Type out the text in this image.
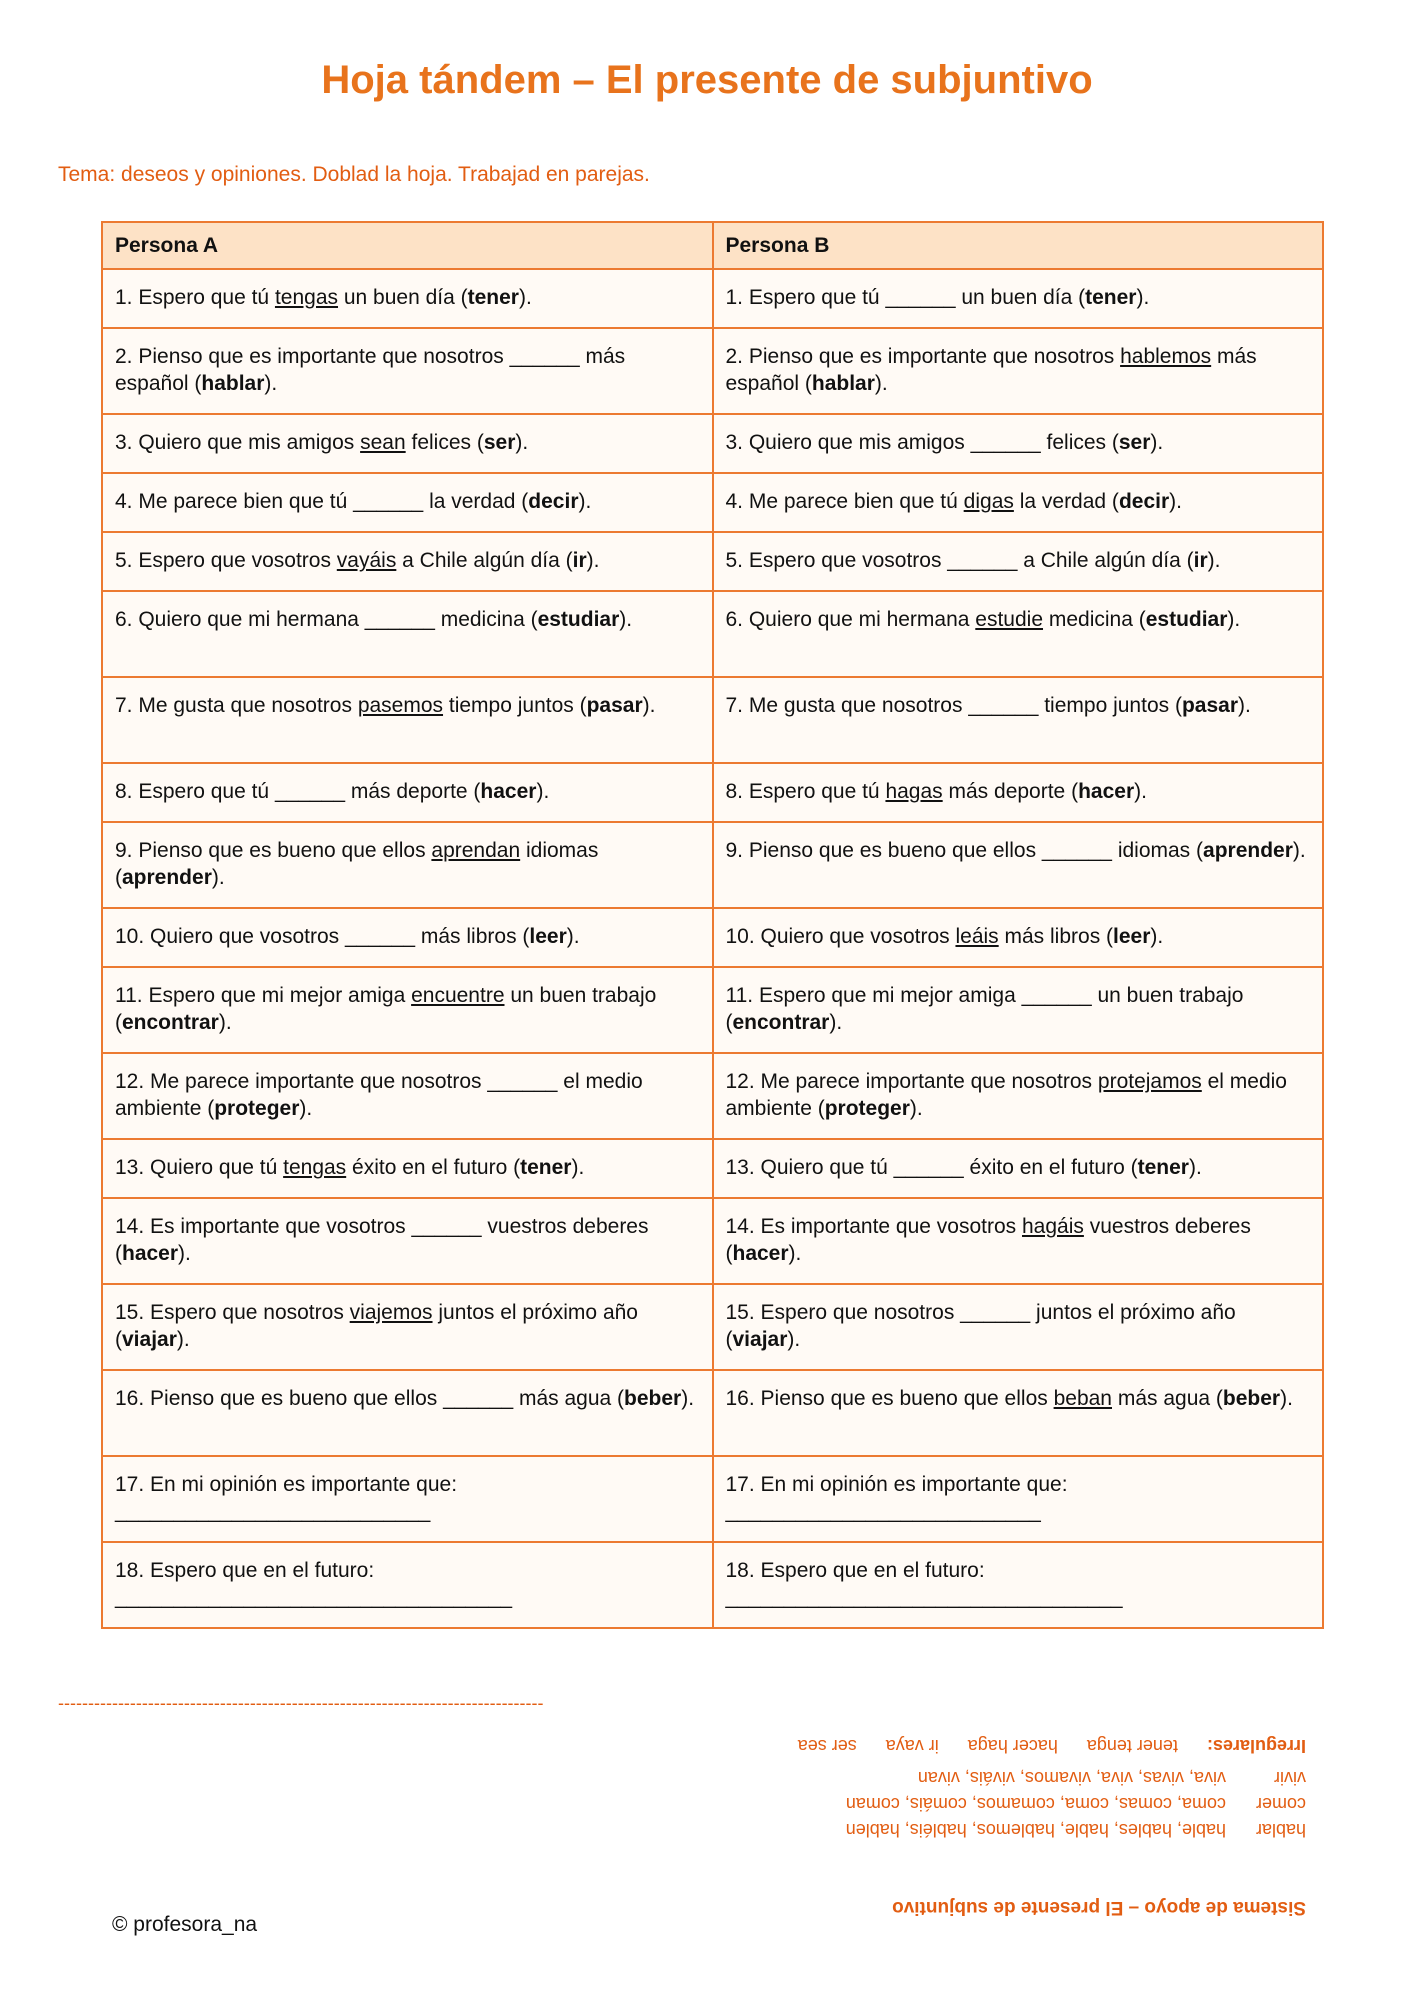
Hoja tándem – El presente de subjuntivo
Tema: deseos y opiniones. Doblad la hoja. Trabajad en parejas.
Persona A	Persona B
1. Espero que tú tengas un buen día (tener).	1. Espero que tú ______ un buen día (tener).
2. Pienso que es importante que nosotros ______ más español (hablar).	2. Pienso que es importante que nosotros hablemos más español (hablar).
3. Quiero que mis amigos sean felices (ser).	3. Quiero que mis amigos ______ felices (ser).
4. Me parece bien que tú ______ la verdad (decir).	4. Me parece bien que tú digas la verdad (decir).
5. Espero que vosotros vayáis a Chile algún día (ir).	5. Espero que vosotros ______ a Chile algún día (ir).
6. Quiero que mi hermana ______ medicina (estudiar).	6. Quiero que mi hermana estudie medicina (estudiar).
7. Me gusta que nosotros pasemos tiempo juntos (pasar).	7. Me gusta que nosotros ______ tiempo juntos (pasar).
8. Espero que tú ______ más deporte (hacer).	8. Espero que tú hagas más deporte (hacer).
9. Pienso que es bueno que ellos aprendan idiomas (aprender).	9. Pienso que es bueno que ellos ______ idiomas (aprender).
10. Quiero que vosotros ______ más libros (leer).	10. Quiero que vosotros leáis más libros (leer).
11. Espero que mi mejor amiga encuentre un buen trabajo (encontrar).	11. Espero que mi mejor amiga ______ un buen trabajo (encontrar).
12. Me parece importante que nosotros ______ el medio ambiente (proteger).	12. Me parece importante que nosotros protejamos el medio ambiente (proteger).
13. Quiero que tú tengas éxito en el futuro (tener).	13. Quiero que tú ______ éxito en el futuro (tener).
14. Es importante que vosotros ______ vuestros deberes (hacer).	14. Es importante que vosotros hagáis vuestros deberes (hacer).
15. Espero que nosotros viajemos juntos el próximo año (viajar).	15. Espero que nosotros ______ juntos el próximo año (viajar).
16. Pienso que es bueno que ellos ______ más agua (beber).	16. Pienso que es bueno que ellos beban más agua (beber).
17. En mi opinión es importante que: ___________________________	17. En mi opinión es importante que: ___________________________
18. Espero que en el futuro: __________________________________	18. Espero que en el futuro: __________________________________
---------------------------------------------------------------------------------
Sistema de apoyo – El presente de subjuntivo
hablar hable, hables, hable, hablemos, habléis, hablen
comer coma, comas, coma, comamos, comáis, coman
vivir viva, vivas, viva, vivamos, viváis, vivan
Irregulares: tener tenga hacer haga ir vaya ser sea
© profesora_na
